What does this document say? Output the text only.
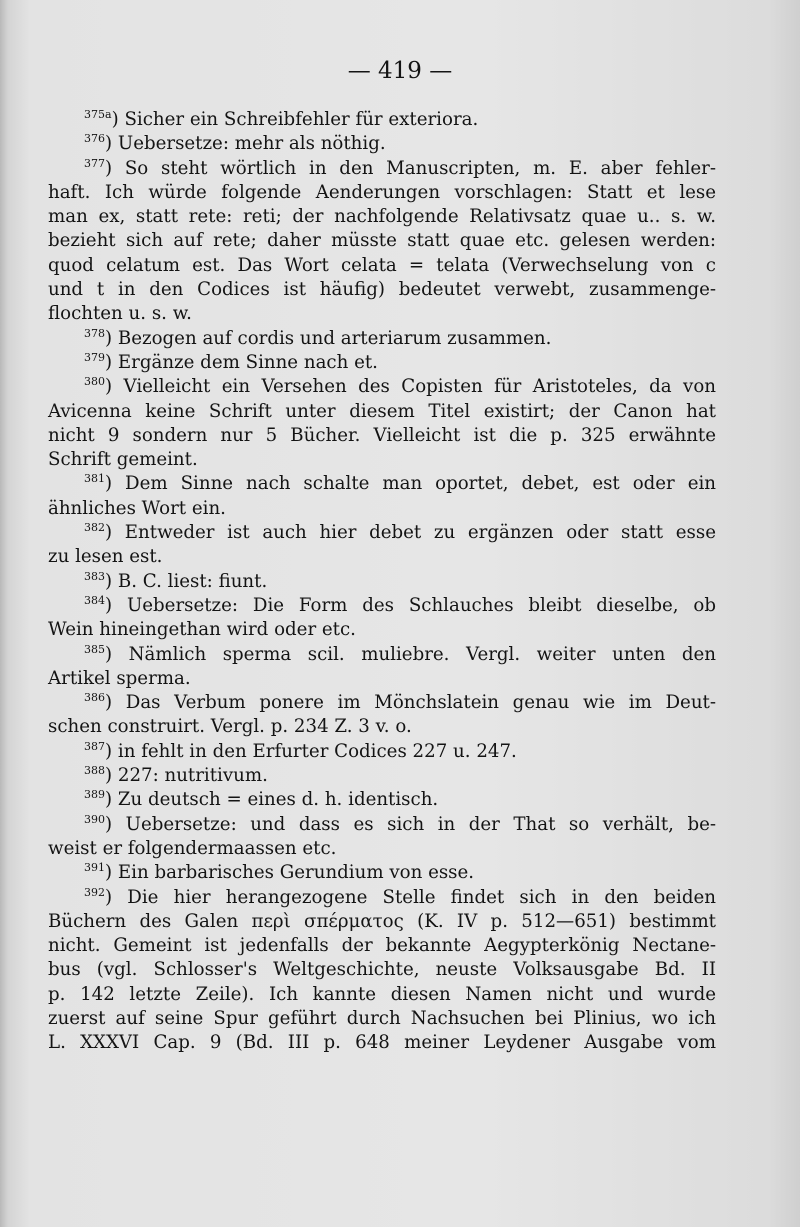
— 419 —
$^{375a}$) Sicher ein Schreibfehler für exteriora.
$^{376}$) Uebersetze: mehr als nöthig.
$^{377}$) So steht wörtlich in den Manuscripten, m. E. aber fehler-
haft. Ich würde folgende Aenderungen vorschlagen: Statt et lese
man ex, statt rete: reti; der nachfolgende Relativsatz quae u.. s. w.
bezieht sich auf rete; daher müsste statt quae etc. gelesen werden:
quod celatum est. Das Wort celata = telata (Verwechselung von c
und t in den Codices ist häufig) bedeutet verwebt, zusammenge-
flochten u. s. w.
$^{378}$) Bezogen auf cordis und arteriarum zusammen.
$^{379}$) Ergänze dem Sinne nach et.
$^{380}$) Vielleicht ein Versehen des Copisten für Aristoteles, da von
Avicenna keine Schrift unter diesem Titel existirt; der Canon hat
nicht 9 sondern nur 5 Bücher. Vielleicht ist die p. 325 erwähnte
Schrift gemeint.
$^{381}$) Dem Sinne nach schalte man oportet, debet, est oder ein
ähnliches Wort ein.
$^{382}$) Entweder ist auch hier debet zu ergänzen oder statt esse
zu lesen est.
$^{383}$) B. C. liest: fiunt.
$^{384}$) Uebersetze: Die Form des Schlauches bleibt dieselbe, ob
Wein hineingethan wird oder etc.
$^{385}$) Nämlich sperma scil. muliebre. Vergl. weiter unten den
Artikel sperma.
$^{386}$) Das Verbum ponere im Mönchslatein genau wie im Deut-
schen construirt. Vergl. p. 234 Z. 3 v. o.
$^{387}$) in fehlt in den Erfurter Codices 227 u. 247.
$^{388}$) 227: nutritivum.
$^{389}$) Zu deutsch = eines d. h. identisch.
$^{390}$) Uebersetze: und dass es sich in der That so verhält, be-
weist er folgendermaassen etc.
$^{391}$) Ein barbarisches Gerundium von esse.
$^{392}$) Die hier herangezogene Stelle findet sich in den beiden
Büchern des Galen περὶ σπέρματος (K. IV p. 512—651) bestimmt
nicht. Gemeint ist jedenfalls der bekannte Aegypterkönig Nectane-
bus (vgl. Schlosser's Weltgeschichte, neuste Volksausgabe Bd. II
p. 142 letzte Zeile). Ich kannte diesen Namen nicht und wurde
zuerst auf seine Spur geführt durch Nachsuchen bei Plinius, wo ich
L. XXXVI Cap. 9 (Bd. III p. 648 meiner Leydener Ausgabe vom
